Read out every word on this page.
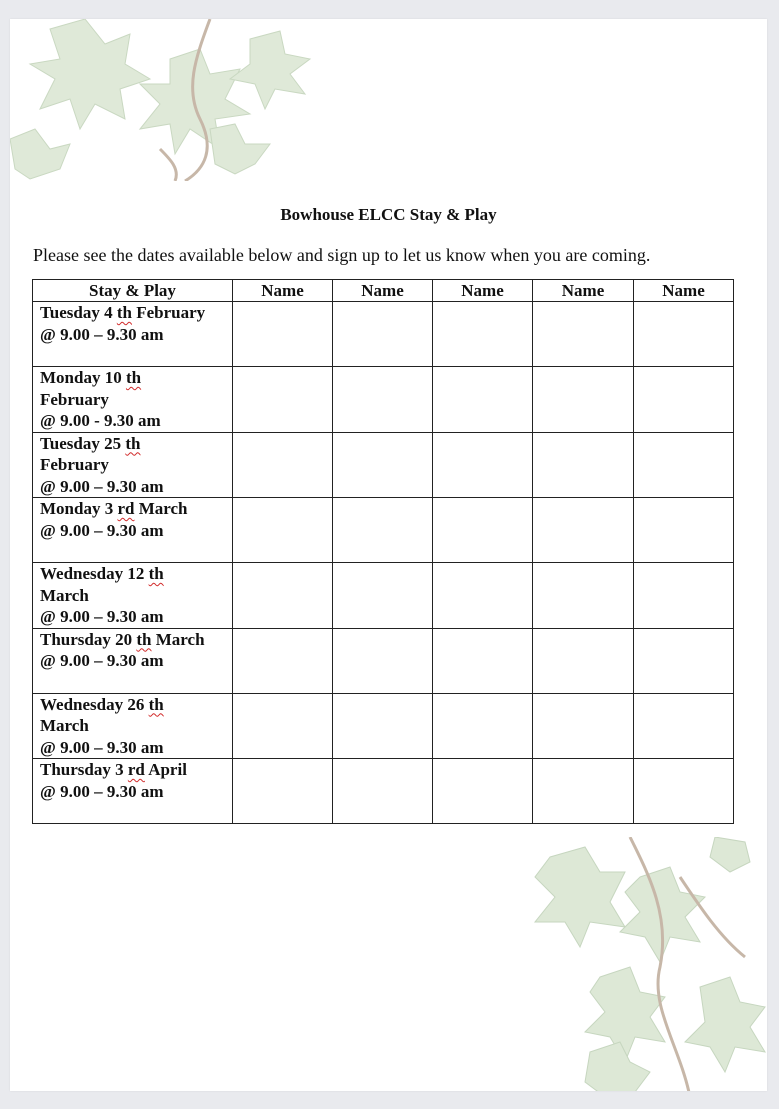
Bowhouse ELCC Stay & Play
Please see the dates available below and sign up to let us know when you are coming.
Stay & Play	Name	Name	Name	Name	Name

Tuesday 4 th February
@ 9.00 – 9.30 am					

Monday 10 th
February
@ 9.00 - 9.30 am					

Tuesday 25 th
February
@ 9.00 – 9.30 am					

Monday 3 rd March
@ 9.00 – 9.30 am					

Wednesday 12 th
March
@ 9.00 – 9.30 am					

Thursday 20 th March
@ 9.00 – 9.30 am					

Wednesday 26 th
March
@ 9.00 – 9.30 am					

Thursday 3 rd April
@ 9.00 – 9.30 am					
